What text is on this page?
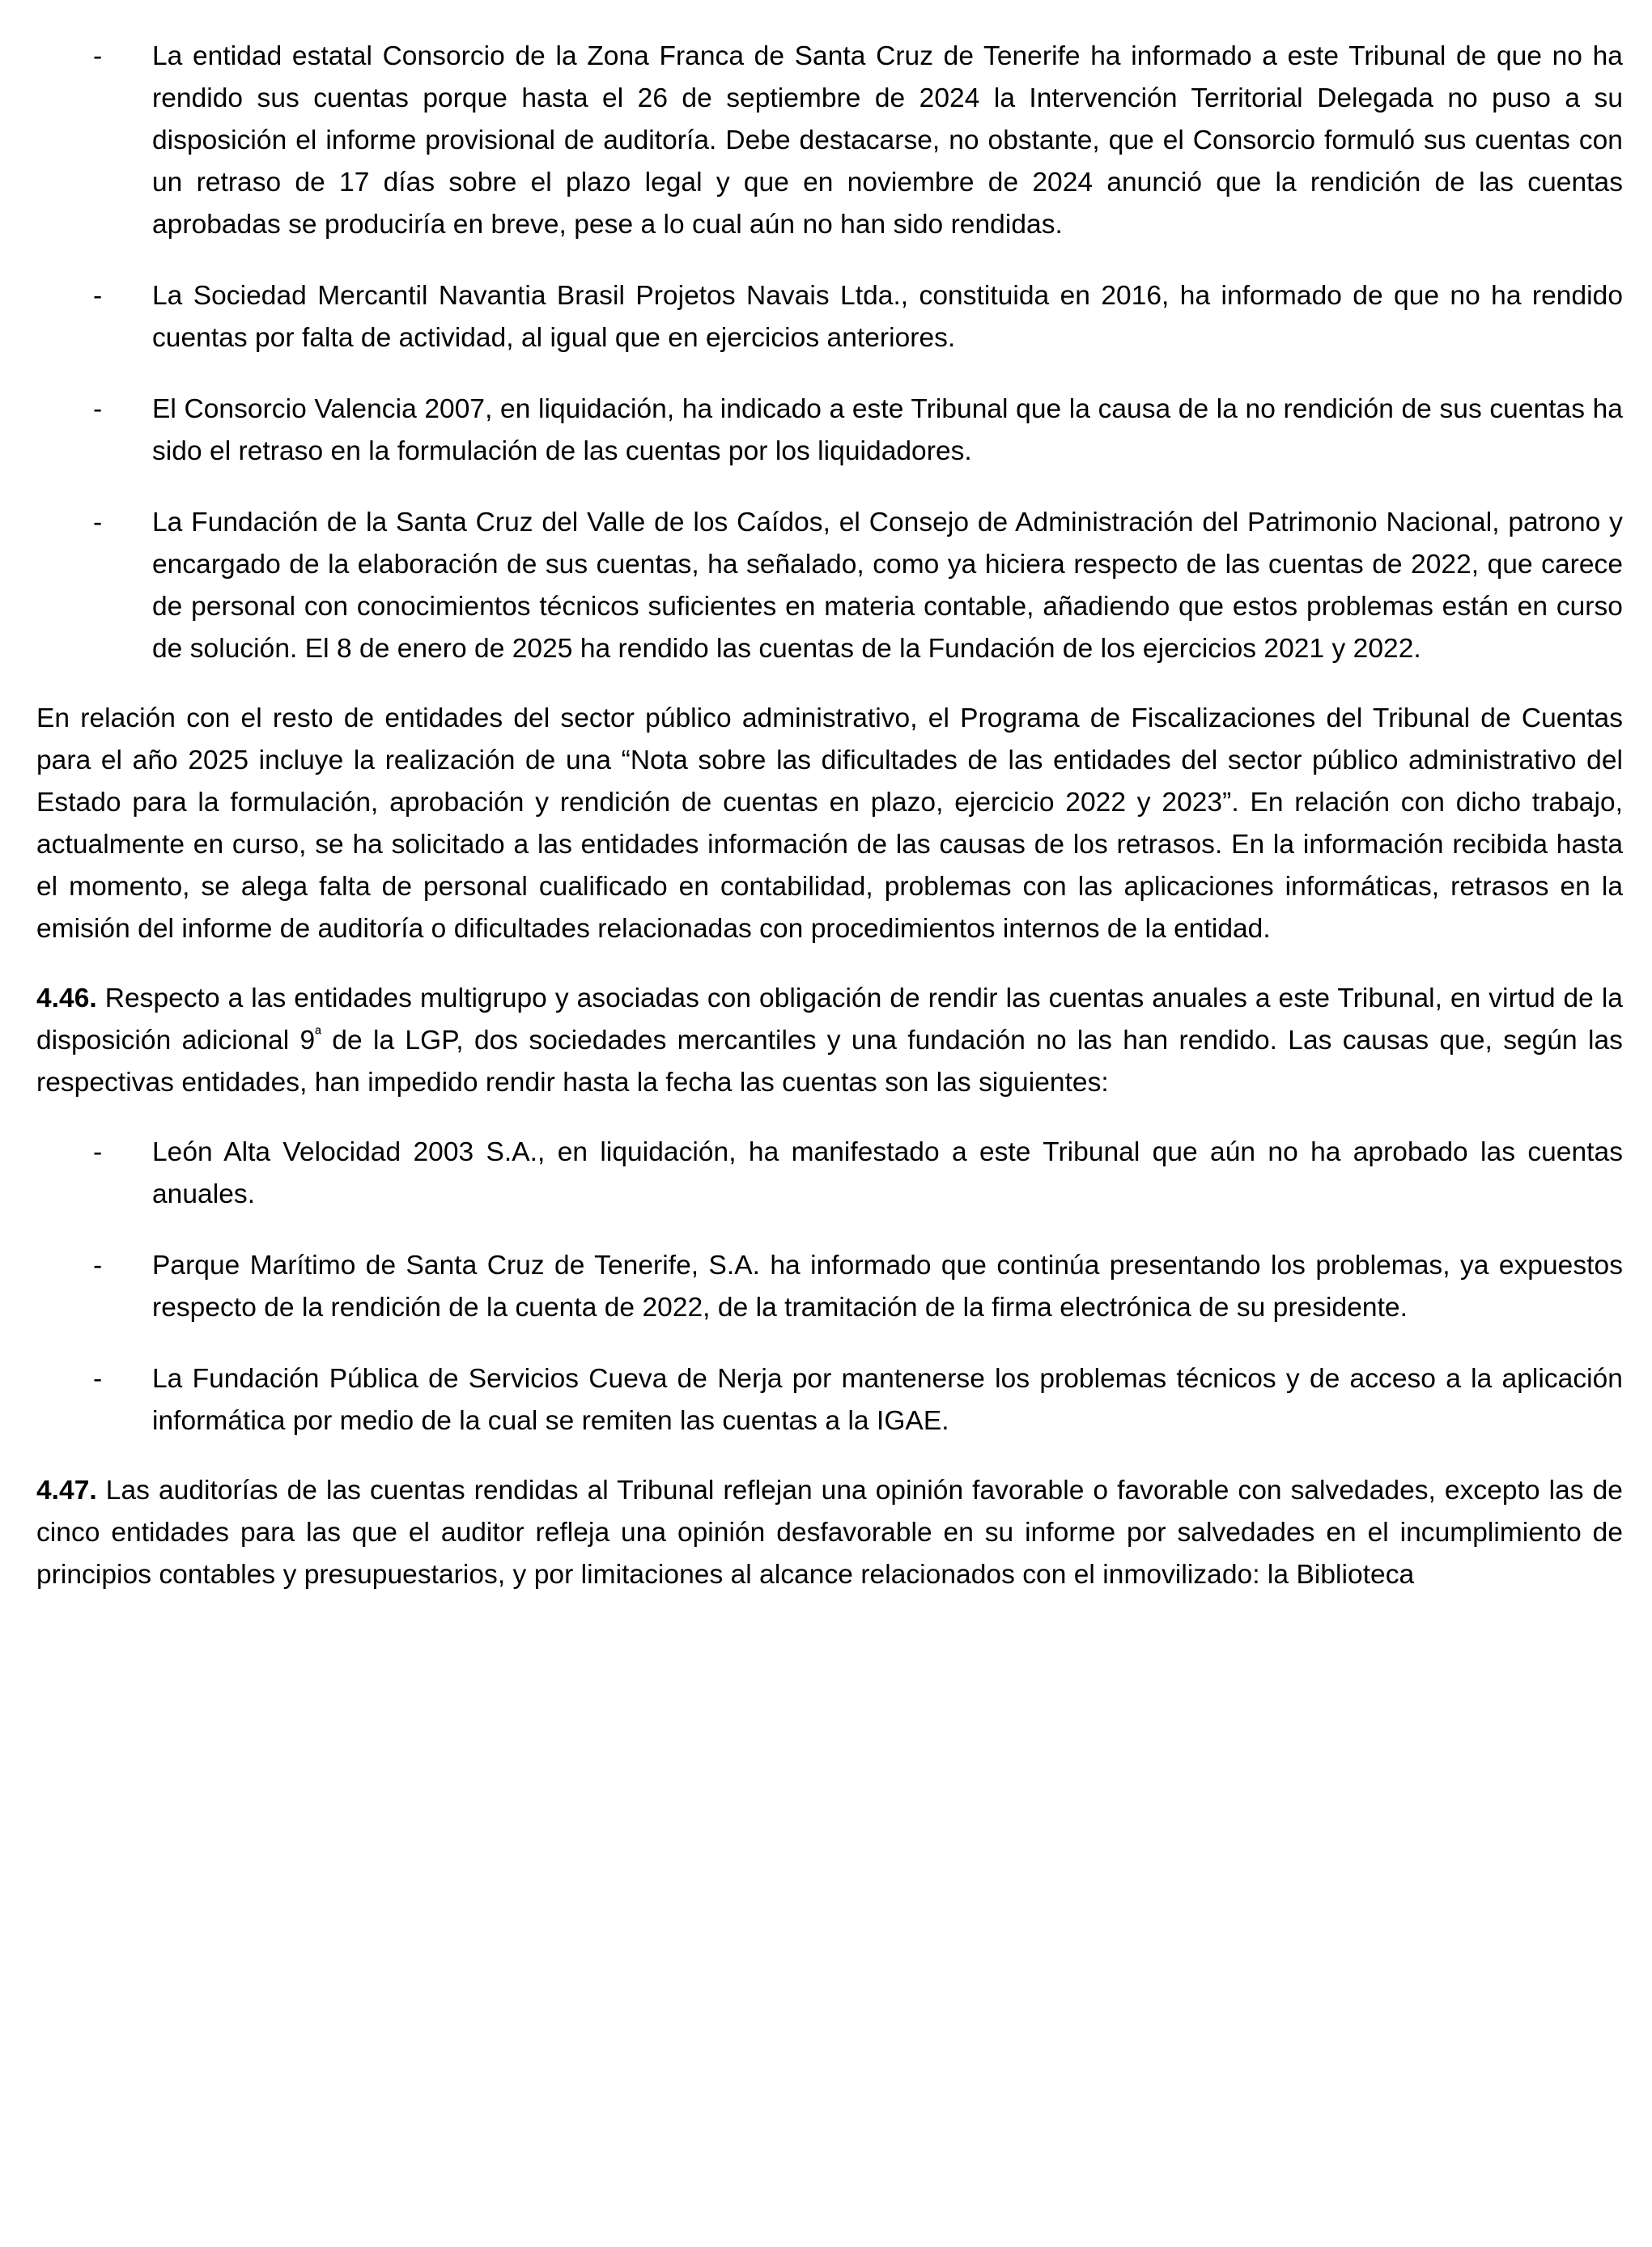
-	La entidad estatal Consorcio de la Zona Franca de Santa Cruz de Tenerife ha informado a este Tribunal de que no ha rendido sus cuentas porque hasta el 26 de septiembre de 2024 la Intervención Territorial Delegada no puso a su disposición el informe provisional de auditoría. Debe destacarse, no obstante, que el Consorcio formuló sus cuentas con un retraso de 17 días sobre el plazo legal y que en noviembre de 2024 anunció que la rendición de las cuentas aprobadas se produciría en breve, pese a lo cual aún no han sido rendidas.
-	La Sociedad Mercantil Navantia Brasil Projetos Navais Ltda., constituida en 2016, ha informado de que no ha rendido cuentas por falta de actividad, al igual que en ejercicios anteriores.
-	El Consorcio Valencia 2007, en liquidación, ha indicado a este Tribunal que la causa de la no rendición de sus cuentas ha sido el retraso en la formulación de las cuentas por los liquidadores.
-	La Fundación de la Santa Cruz del Valle de los Caídos, el Consejo de Administración del Patrimonio Nacional, patrono y encargado de la elaboración de sus cuentas, ha señalado, como ya hiciera respecto de las cuentas de 2022, que carece de personal con conocimientos técnicos suficientes en materia contable, añadiendo que estos problemas están en curso de solución. El 8 de enero de 2025 ha rendido las cuentas de la Fundación de los ejercicios 2021 y 2022.

En relación con el resto de entidades del sector público administrativo, el Programa de Fiscalizaciones del Tribunal de Cuentas para el año 2025 incluye la realización de una “Nota sobre las dificultades de las entidades del sector público administrativo del Estado para la formulación, aprobación y rendición de cuentas en plazo, ejercicio 2022 y 2023”. En relación con dicho trabajo, actualmente en curso, se ha solicitado a las entidades información de las causas de los retrasos. En la información recibida hasta el momento, se alega falta de personal cualificado en contabilidad, problemas con las aplicaciones informáticas, retrasos en la emisión del informe de auditoría o dificultades relacionadas con procedimientos internos de la entidad.

4.46. Respecto a las entidades multigrupo y asociadas con obligación de rendir las cuentas anuales a este Tribunal, en virtud de la disposición adicional $9^ª$ de la LGP, dos sociedades mercantiles y una fundación no las han rendido. Las causas que, según las respectivas entidades, han impedido rendir hasta la fecha las cuentas son las siguientes:

-	León Alta Velocidad 2003 S.A., en liquidación, ha manifestado a este Tribunal que aún no ha aprobado las cuentas anuales.
-	Parque Marítimo de Santa Cruz de Tenerife, S.A. ha informado que continúa presentando los problemas, ya expuestos respecto de la rendición de la cuenta de 2022, de la tramitación de la firma electrónica de su presidente.
-	La Fundación Pública de Servicios Cueva de Nerja por mantenerse los problemas técnicos y de acceso a la aplicación informática por medio de la cual se remiten las cuentas a la IGAE.

4.47. Las auditorías de las cuentas rendidas al Tribunal reflejan una opinión favorable o favorable con salvedades, excepto las de cinco entidades para las que el auditor refleja una opinión desfavorable en su informe por salvedades en el incumplimiento de principios contables y presupuestarios, y por limitaciones al alcance relacionados con el inmovilizado: la Biblioteca
